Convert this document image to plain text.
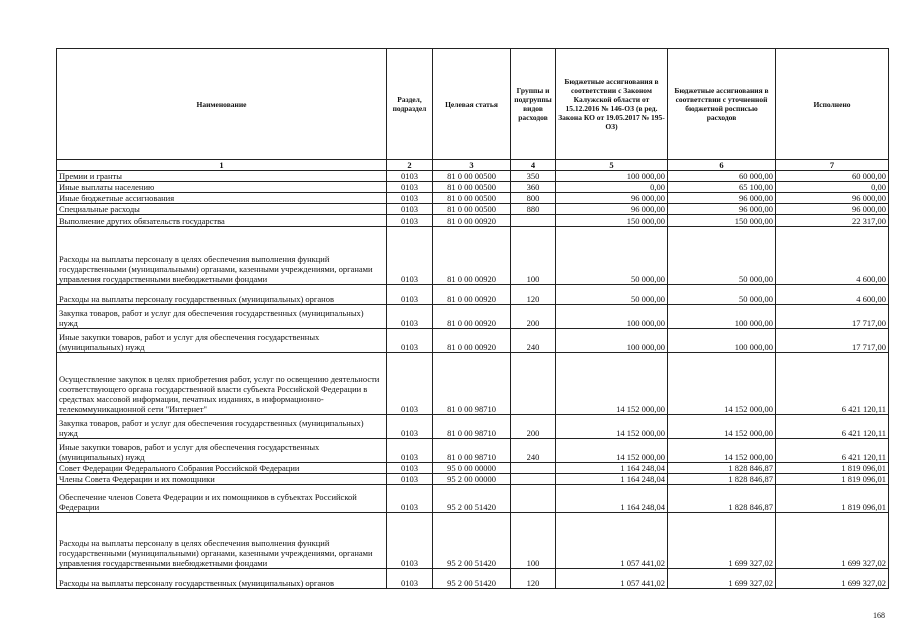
Наименование	Раздел, подраздел	Целевая статья	Группы и подгруппы видов расходов	Бюджетные ассигнования в соответствии с Законом Калужской области от 15.12.2016 № 146-ОЗ (в ред. Закона КО от 19.05.2017 № 195-ОЗ)	Бюджетные ассигнования в соответствии с уточненной бюджетной росписью расходов	Исполнено
1	2	3	4	5	6	7
Премии и гранты	0103	81 0 00 00500	350	100 000,00	60 000,00	60 000,00
Иные выплаты населению	0103	81 0 00 00500	360	0,00	65 100,00	0,00
Иные бюджетные ассигнования	0103	81 0 00 00500	800	96 000,00	96 000,00	96 000,00
Специальные расходы	0103	81 0 00 00500	880	96 000,00	96 000,00	96 000,00
Выполнение других обязательств государства	0103	81 0 00 00920		150 000,00	150 000,00	22 317,00
Расходы на выплаты персоналу в целях обеспечения выполнения функций государственными (муниципальными) органами, казенными учреждениями, органами управления государственными внебюджетными фондами	0103	81 0 00 00920	100	50 000,00	50 000,00	4 600,00
Расходы на выплаты персоналу государственных (муниципальных) органов	0103	81 0 00 00920	120	50 000,00	50 000,00	4 600,00
Закупка товаров, работ и услуг для обеспечения государственных (муниципальных) нужд	0103	81 0 00 00920	200	100 000,00	100 000,00	17 717,00
Иные закупки товаров, работ и услуг для обеспечения государственных (муниципальных) нужд	0103	81 0 00 00920	240	100 000,00	100 000,00	17 717,00
Осуществление закупок в целях приобретения работ, услуг по освещению деятельности соответствующего органа государственной власти субъекта Российской Федерации в средствах массовой информации, печатных изданиях, в информационно-телекоммуникационной сети "Интернет"	0103	81 0 00 98710		14 152 000,00	14 152 000,00	6 421 120,11
Закупка товаров, работ и услуг для обеспечения государственных (муниципальных) нужд	0103	81 0 00 98710	200	14 152 000,00	14 152 000,00	6 421 120,11
Иные закупки товаров, работ и услуг для обеспечения государственных (муниципальных) нужд	0103	81 0 00 98710	240	14 152 000,00	14 152 000,00	6 421 120,11
Совет Федерации Федерального Собрания Российской Федерации	0103	95 0 00 00000		1 164 248,04	1 828 846,87	1 819 096,01
Члены Совета Федерации и их помощники	0103	95 2 00 00000		1 164 248,04	1 828 846,87	1 819 096,01
Обеспечение членов Совета Федерации и их помощников в субъектах Российской Федерации	0103	95 2 00 51420		1 164 248,04	1 828 846,87	1 819 096,01
Расходы на выплаты персоналу в целях обеспечения выполнения функций государственными (муниципальными) органами, казенными учреждениями, органами управления государственными внебюджетными фондами	0103	95 2 00 51420	100	1 057 441,02	1 699 327,02	1 699 327,02
Расходы на выплаты персоналу государственных (муниципальных) органов	0103	95 2 00 51420	120	1 057 441,02	1 699 327,02	1 699 327,02
168
